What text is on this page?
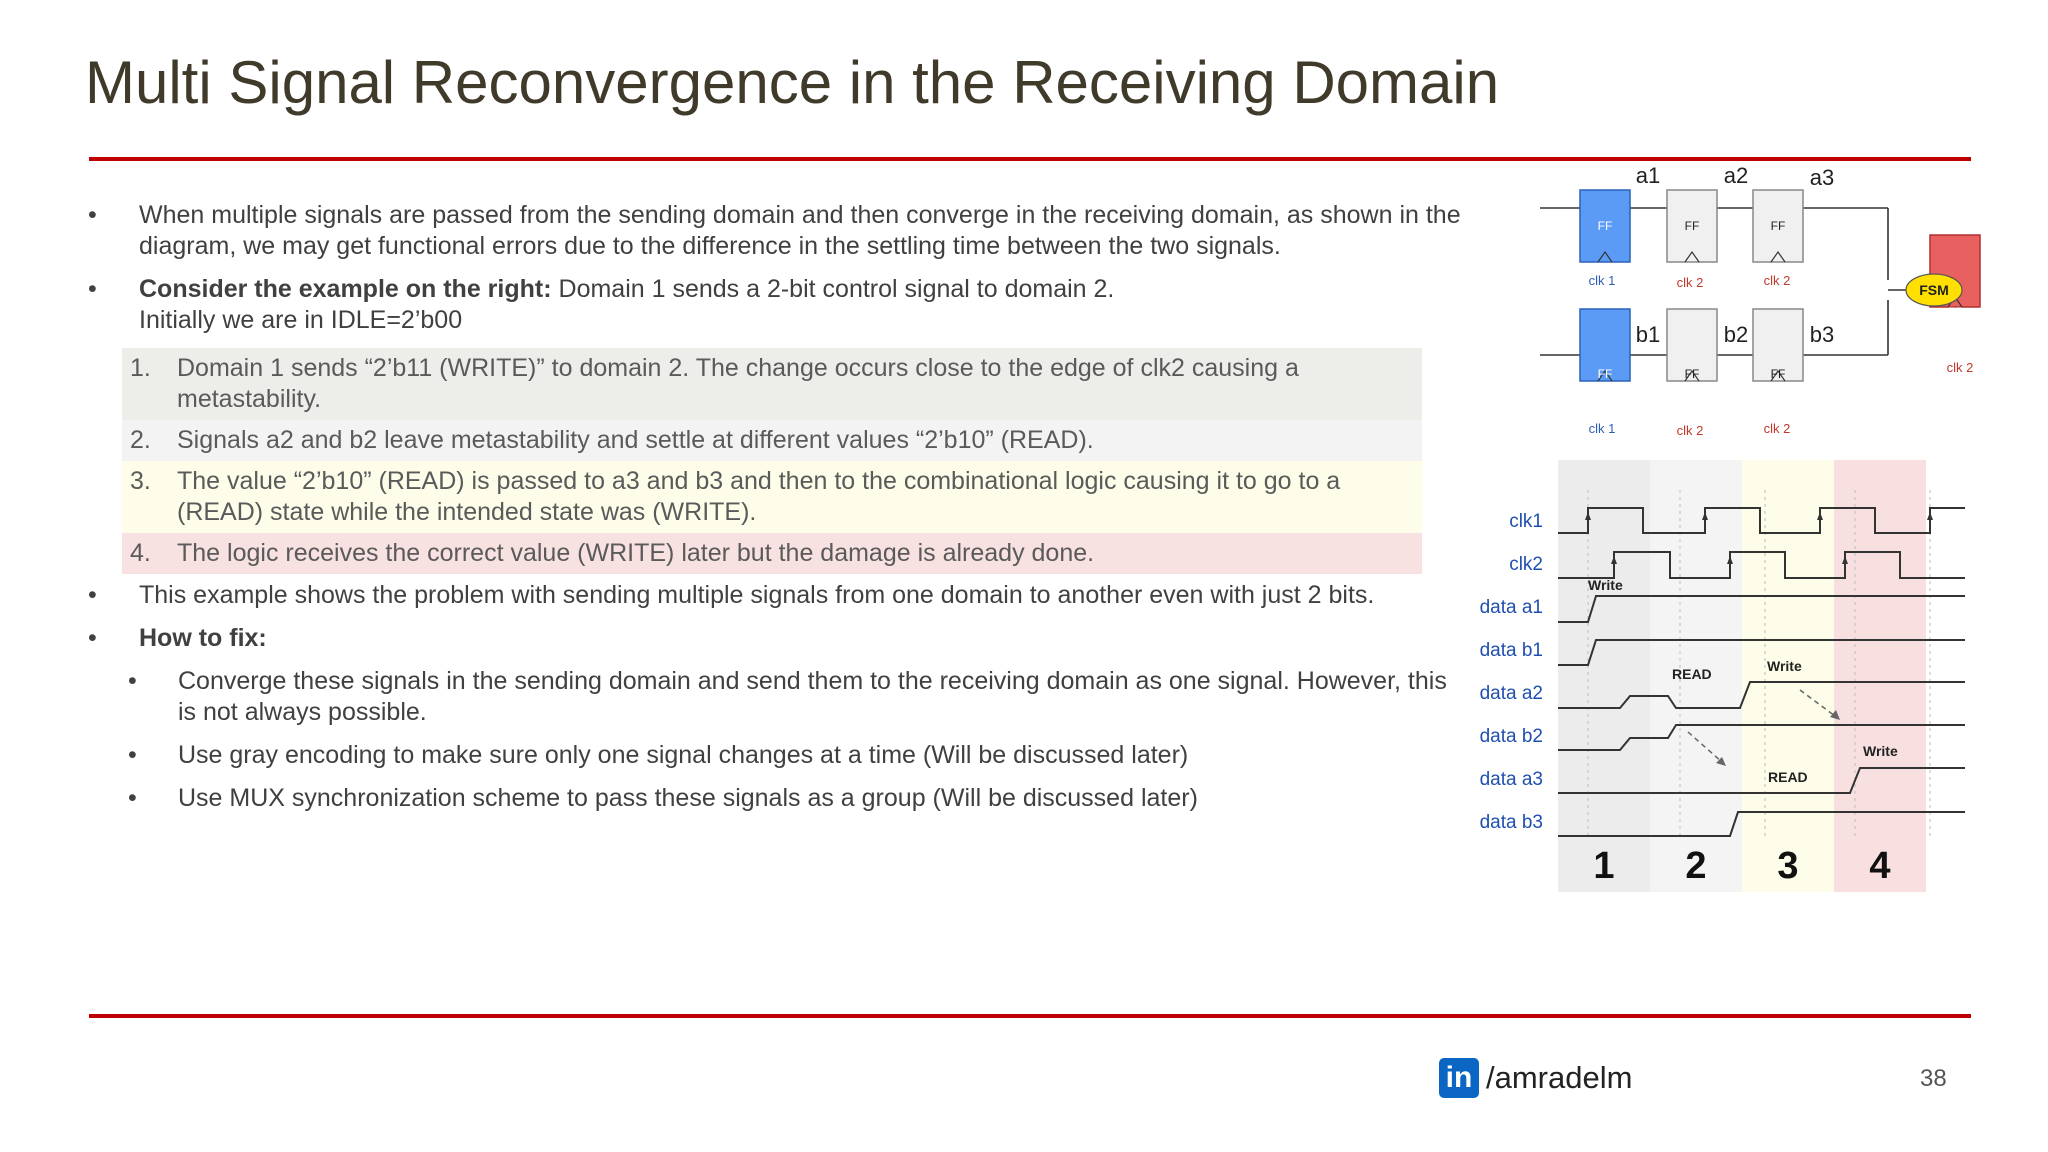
Multi Signal Reconvergence in the Receiving Domain
• When multiple signals are passed from the sending domain and then converge in the receiving domain, as shown in the diagram, we may get functional errors due to the difference in the settling time between the two signals.
• Consider the example on the right: Domain 1 sends a 2-bit control signal to domain 2.
Initially we are in IDLE=2’b00
1. Domain 1 sends “2’b11 (WRITE)” to domain 2. The change occurs close to the edge of clk2 causing a metastability.
2. Signals a2 and b2 leave metastability and settle at different values “2’b10” (READ).
3. The value “2’b10” (READ) is passed to a3 and b3 and then to the combinational logic causing it to go to a (READ) state while the intended state was (WRITE).
4. The logic receives the correct value (WRITE) later but the damage is already done.
• This example shows the problem with sending multiple signals from one domain to another even with just 2 bits.
• How to fix:
• Converge these signals in the sending domain and send them to the receiving domain as one signal. However, this is not always possible.
• Use gray encoding to make sure only one signal changes at a time (Will be discussed later)
• Use MUX synchronization scheme to pass these signals as a group (Will be discussed later)
FSM
FF	FF	FF
FF	FF	FF
FF
clk 1	clk 2	clk 2
clk 1	clk 2	clk 2
clk 2
a1	a2	a3
b1	b2	b3
clk1
clk2
data a1
data b1
data a2
data b2
data a3
data b3
Write
READ	Write
Write
READ
1 2 3 4
in /amradelm	38
